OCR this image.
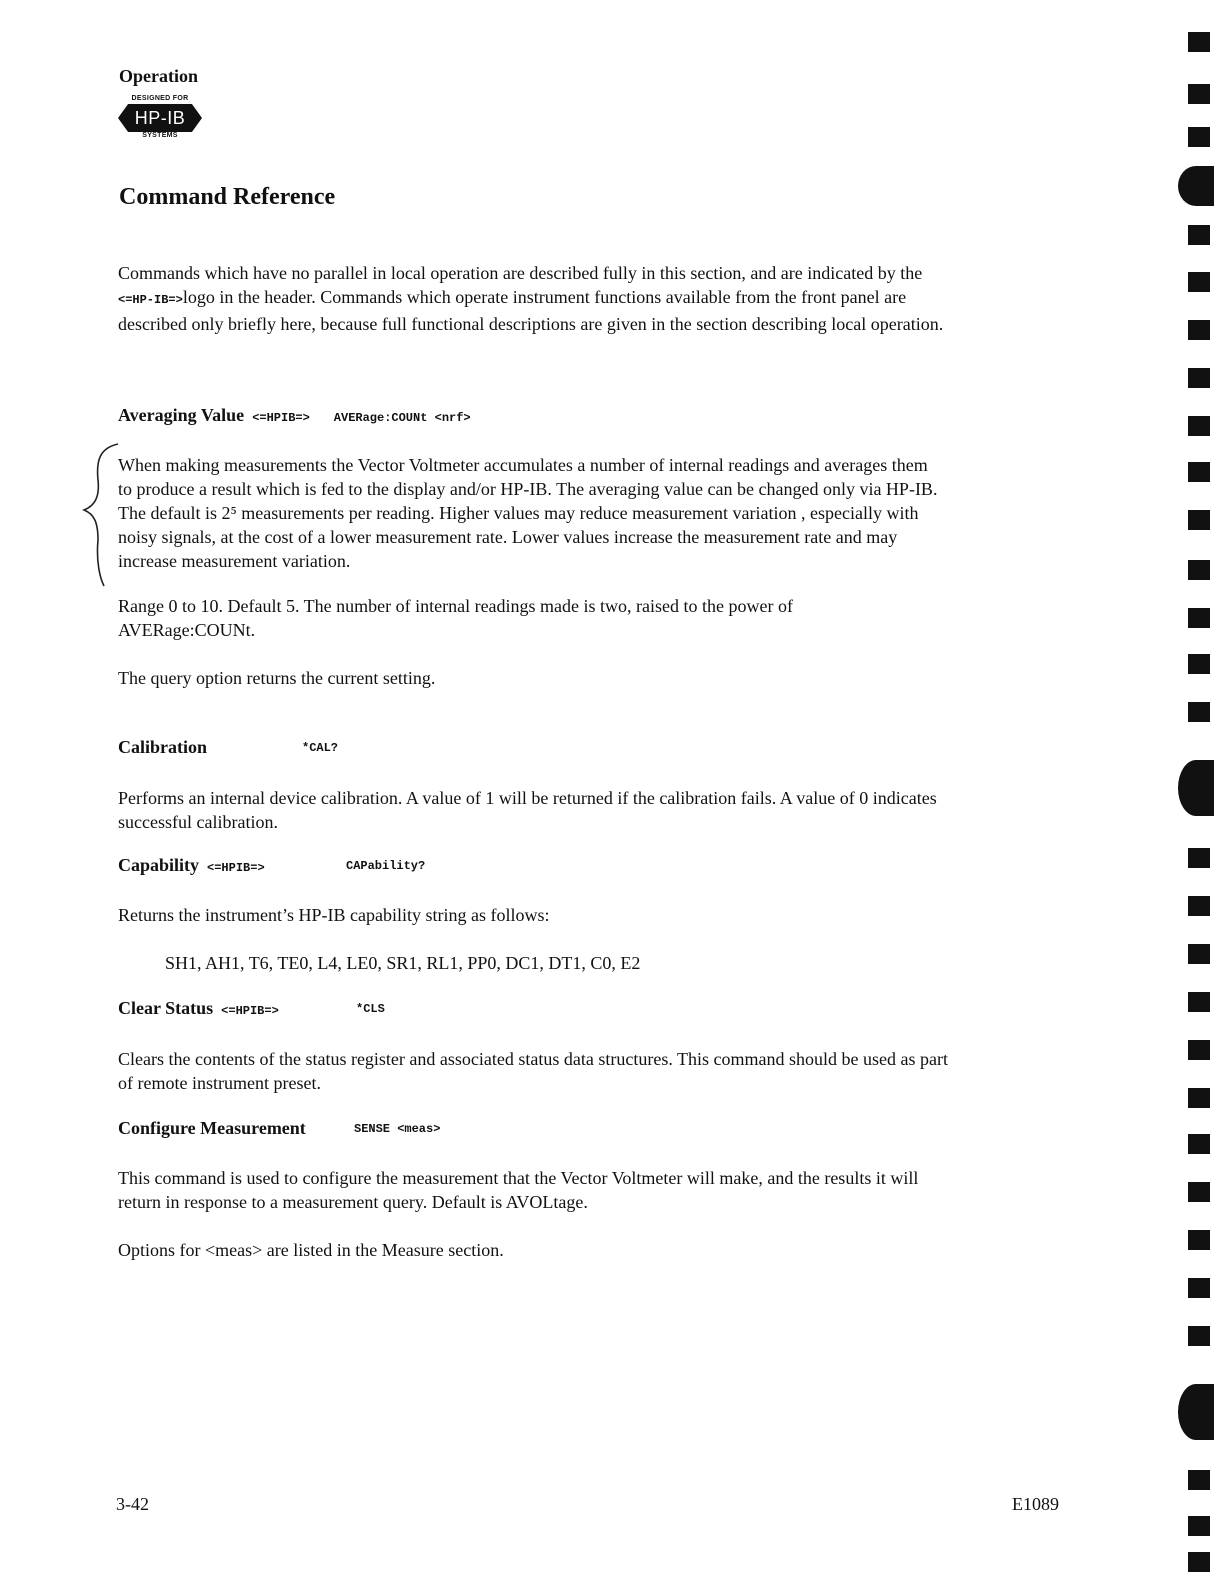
Operation
DESIGNED FOR
HP-IB
SYSTEMS
Command Reference
Commands which have no parallel in local operation are described fully in this section, and are indicated by the
<=HP-IB=>logo in the header. Commands which operate instrument functions available from the front panel are
described only briefly here, because full functional descriptions are given in the section describing local operation.
Averaging Value <=HPIB=> AVERage:COUNt <nrf>
When making measurements the Vector Voltmeter accumulates a number of internal readings and averages them
to produce a result which is fed to the display and/or HP-IB. The averaging value can be changed only via HP-IB.
The default is 2⁵ measurements per reading. Higher values may reduce measurement variation , especially with
noisy signals, at the cost of a lower measurement rate. Lower values increase the measurement rate and may
increase measurement variation.
Range 0 to 10. Default 5. The number of internal readings made is two, raised to the power of
AVERage:COUNt.
The query option returns the current setting.
Calibration	*CAL?
Performs an internal device calibration. A value of 1 will be returned if the calibration fails. A value of 0 indicates
successful calibration.
Capability <=HPIB=>	CAPability?
Returns the instrument’s HP-IB capability string as follows:
SH1, AH1, T6, TE0, L4, LE0, SR1, RL1, PP0, DC1, DT1, C0, E2
Clear Status <=HPIB=>	*CLS
Clears the contents of the status register and associated status data structures. This command should be used as part
of remote instrument preset.
Configure Measurement	SENSE <meas>
This command is used to configure the measurement that the Vector Voltmeter will make, and the results it will
return in response to a measurement query. Default is AVOLtage.
Options for <meas> are listed in the Measure section.
3-42	E1089
